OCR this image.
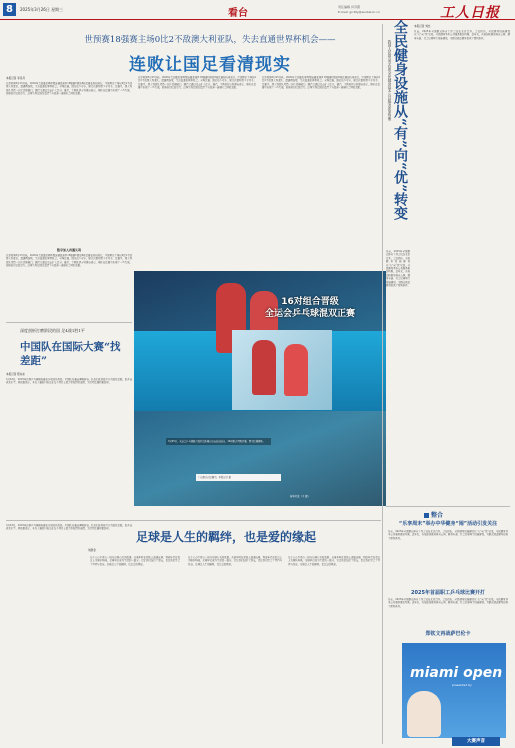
8	2025年3月26日 星期三	看台
责任编辑 肖苏霞
E-mail: grrbty@workercn.cn	工人日报
世预赛18强赛主场0比2不敌澳大利亚队，失去直通世界杯机会——
连败让国足看清现实
本报记者 李丹丹
北京时间3月25日晚，2026年美加墨世界杯预选赛亚洲区18强赛C组第8轮比赛在杭州进行，中国男足主场以0比2不敌澳大利亚队，遭遇两连败，失去直通世界杯机会。全场比赛，国足攻少守多，射门次数明显少于对手。比赛中，澳大利亚队凭借一次任意球破门，随后又通过反击扩大比分。赛后，主教练伊万科维奇表示，球队在比赛中出现了一些失误，但球员们已经尽力。这场失利让国足看清了与亚洲一流球队之间的差距。
数字加入再遇失利
北京时间3月25日晚，2026年美加墨世界杯预选赛亚洲区18强赛C组第8轮比赛在杭州进行，中国男足主场以0比2不敌澳大利亚队，遭遇两连败，失去直通世界杯机会。全场比赛，国足攻少守多，射门次数明显少于对手。比赛中，澳大利亚队凭借一次任意球破门，随后又通过反击扩大比分。赛后，主教练伊万科维奇表示，球队在比赛中出现了一些失误，但球员们已经尽力。这场失利让国足看清了与亚洲一流球队之间的差距。
北京时间3月25日晚，2026年美加墨世界杯预选赛亚洲区18强赛C组第8轮比赛在杭州进行，中国男足主场以0比2不敌澳大利亚队，遭遇两连败，失去直通世界杯机会。全场比赛，国足攻少守多，射门次数明显少于对手。比赛中，澳大利亚队凭借一次任意球破门，随后又通过反击扩大比分。赛后，主教练伊万科维奇表示，球队在比赛中出现了一些失误，但球员们已经尽力。这场失利让国足看清了与亚洲一流球队之间的差距。
北京时间3月25日晚，2026年美加墨世界杯预选赛亚洲区18强赛C组第8轮比赛在杭州进行，中国男足主场以0比2不敌澳大利亚队，遭遇两连败，失去直通世界杯机会。全场比赛，国足攻少守多，射门次数明显少于对手。比赛中，澳大利亚队凭借一次任意球破门，随后又通过反击扩大比分。赛后，主教练伊万科维奇表示，球队在比赛中出现了一些失误，但球员们已经尽力。这场失利让国足看清了与亚洲一流球队之间的差距。
深度剖析打磨阶段的国 足4战1胜1平
中国队在国际大赛“找差距”
本报记者 陈东东
3月23日，2025年世界乒乓球锦标赛在多哈拉开战幕。中国队在赛前调整阵容，队员们在训练中认真查找差距，提升技战术水平。教练组表示，本次大赛的目标是在每个项目上都力争取得好成绩，为后续比赛积累经验。
16对组合晋级
全运会乒乓球混双正赛
3月25日，全运会乒乓球混合双打资格赛在海南琼海结束，16对组合晋级正赛。图为比赛现场。
广东组合在比赛中。本报记者 摄
新华社发（王 摄）
足球是人生的羁绊，也是爱的缘起
刘新金
3月23日，2025年世界乒乓球锦标赛在多哈拉开战幕。中国队在赛前调整阵容，队员们在训练中认真查找差距，提升技战术水平。教练组表示，本次大赛的目标是在每个项目上都力争取得好成绩，为后续比赛积累经验。
每个人心中都有一段与足球有关的故事。从童年时在泥地上追逐皮球，到成年后在看台上为球队呐喊，足球早已成为生活的一部分。它让我们结识了朋友，也让我们学会了坚持与包容。足球是人生的羁绊，也是爱的缘起。
每个人心中都有一段与足球有关的故事。从童年时在泥地上追逐皮球，到成年后在看台上为球队呐喊，足球早已成为生活的一部分。它让我们结识了朋友，也让我们学会了坚持与包容。足球是人生的羁绊，也是爱的缘起。
每个人心中都有一段与足球有关的故事。从童年时在泥地上追逐皮球，到成年后在看台上为球队呐喊，足球早已成为生活的一部分。它让我们结识了朋友，也让我们学会了坚持与包容。足球是人生的羁绊，也是爱的缘起。
我国人民群众享有的全民健身基本公共服务更加均衡 全民健身设施从“有”向“优”转变 本报记者 刘杰
日前，2025年全国群众体育工作会议在北京召开。会议指出，全民健身设施建设从“有”向“优”转变，全民健身基本公共服务更加均衡。近年来，各地加快推进体育公园、健身步道、社会足球场等设施建设，为群众就近健身提供了便利条件。
日前，2025年全国群众体育工作会议在北京召开。会议指出，全民健身设施建设从“有”向“优”转变，全民健身基本公共服务更加均衡。近年来，各地加快推进体育公园、健身步道、社会足球场等设施建设，为群众就近健身提供了便利条件。
整合
“乐享周末”举办中华健身“闹”活动引发关注
日前，2025年全国群众体育工作会议在北京召开。会议指出，全民健身设施建设从“有”向“优”转变，全民健身基本公共服务更加均衡。近年来，各地加快推进体育公园、健身步道、社会足球场等设施建设，为群众就近健身提供了便利条件。
2025年首届职工乒乓球比赛开打
日前，2025年全国群众体育工作会议在北京召开。会议指出，全民健身设施建设从“有”向“优”转变，全民健身基本公共服务更加均衡。近年来，各地加快推进体育公园、健身步道、社会足球场等设施建设，为群众就近健身提供了便利条件。
郑钦文再战萨巴伦卡
miami open
presented by
大赛声音
